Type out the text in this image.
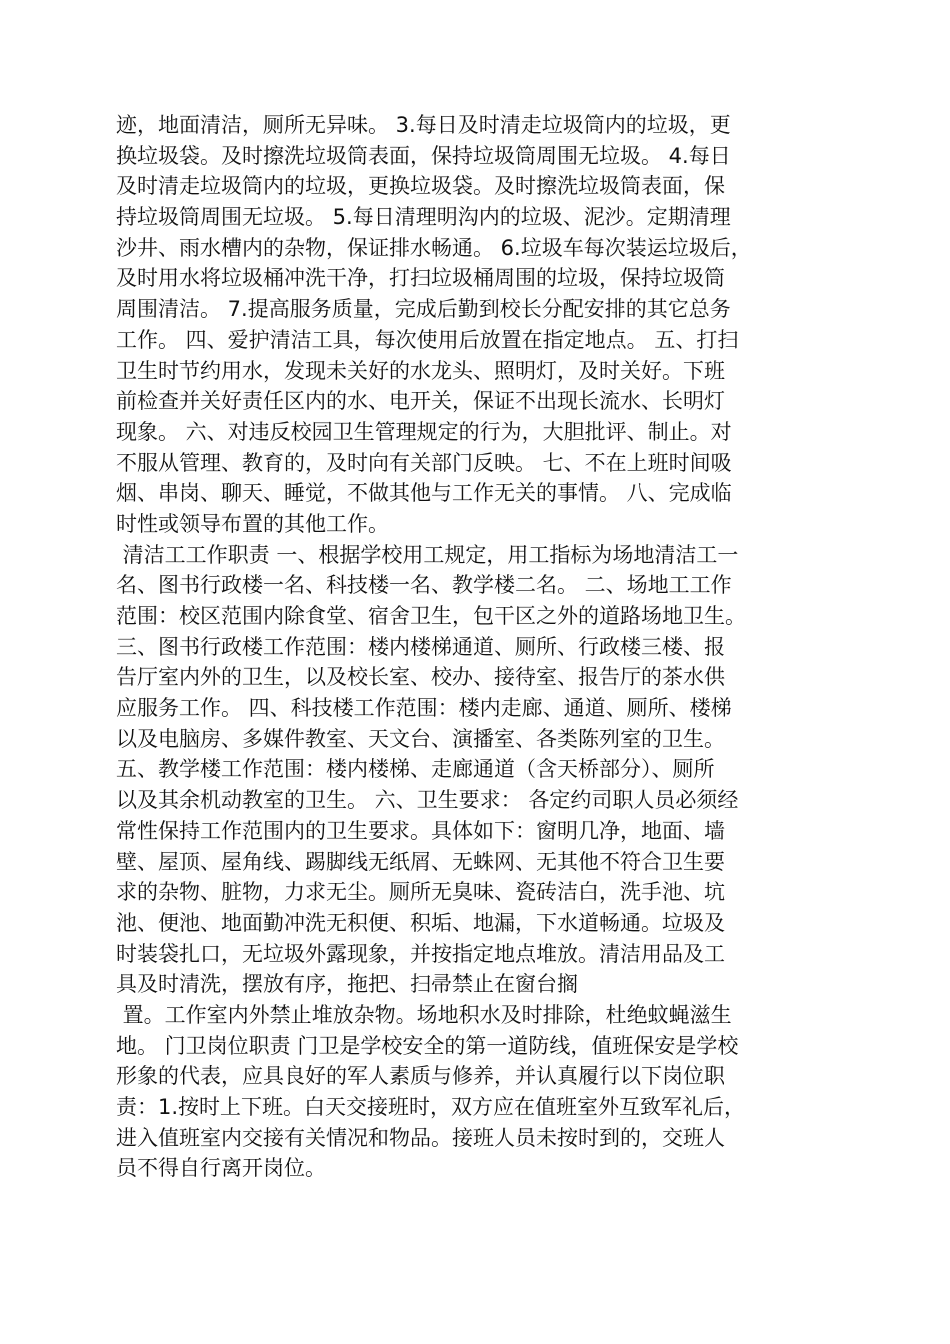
迹，地面清洁，厕所无异味。 3.每日及时清走垃圾筒内的垃圾，更
换垃圾袋。及时擦洗垃圾筒表面，保持垃圾筒周围无垃圾。 4.每日
及时清走垃圾筒内的垃圾，更换垃圾袋。及时擦洗垃圾筒表面，保
持垃圾筒周围无垃圾。 5.每日清理明沟内的垃圾、泥沙。定期清理
沙井、雨水槽内的杂物，保证排水畅通。 6.垃圾车每次装运垃圾后，
及时用水将垃圾桶冲洗干净，打扫垃圾桶周围的垃圾，保持垃圾筒
周围清洁。 7.提高服务质量，完成后勤到校长分配安排的其它总务
工作。 四、爱护清洁工具，每次使用后放置在指定地点。 五、打扫
卫生时节约用水，发现未关好的水龙头、照明灯，及时关好。下班
前检查并关好责任区内的水、电开关，保证不出现长流水、长明灯
现象。 六、对违反校园卫生管理规定的行为，大胆批评、制止。对
不服从管理、教育的，及时向有关部门反映。 七、不在上班时间吸
烟、串岗、聊天、睡觉，不做其他与工作无关的事情。 八、完成临
时性或领导布置的其他工作。
清洁工工作职责 一、根据学校用工规定，用工指标为场地清洁工一
名、图书行政楼一名、科技楼一名、教学楼二名。 二、场地工工作
范围：校区范围内除食堂、宿舍卫生，包干区之外的道路场地卫生。
三、图书行政楼工作范围：楼内楼梯通道、厕所、行政楼三楼、报
告厅室内外的卫生，以及校长室、校办、接待室、报告厅的茶水供
应服务工作。 四、科技楼工作范围：楼内走廊、通道、厕所、楼梯
以及电脑房、多媒件教室、天文台、演播室、各类陈列室的卫生。
五、教学楼工作范围：楼内楼梯、走廊通道（含天桥部分）、厕所
以及其余机动教室的卫生。 六、卫生要求： 各定约司职人员必须经
常性保持工作范围内的卫生要求。具体如下：窗明几净，地面、墙
壁、屋顶、屋角线、踢脚线无纸屑、无蛛网、无其他不符合卫生要
求的杂物、脏物，力求无尘。厕所无臭味、瓷砖洁白，洗手池、坑
池、便池、地面勤冲洗无积便、积垢、地漏，下水道畅通。垃圾及
时装袋扎口，无垃圾外露现象，并按指定地点堆放。清洁用品及工
具及时清洗，摆放有序，拖把、扫帚禁止在窗台搁
置。工作室内外禁止堆放杂物。场地积水及时排除，杜绝蚊蝇滋生
地。 门卫岗位职责 门卫是学校安全的第一道防线，值班保安是学校
形象的代表，应具良好的军人素质与修养，并认真履行以下岗位职
责：1.按时上下班。白天交接班时，双方应在值班室外互致军礼后，
进入值班室内交接有关情况和物品。接班人员未按时到的，交班人
员不得自行离开岗位。
